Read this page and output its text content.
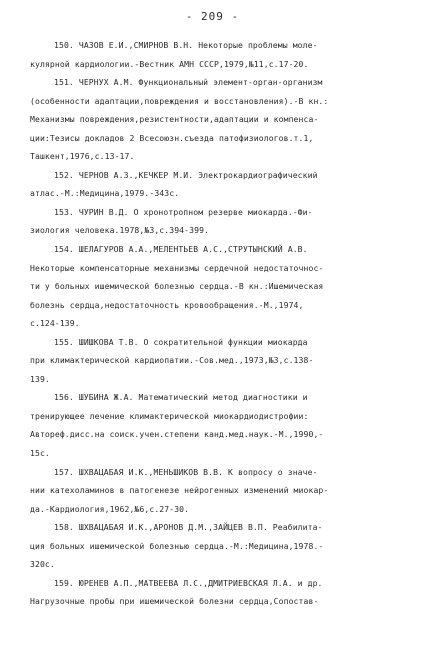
- 209 -
150. ЧАЗОВ Е.И.,СМИРНОВ В.Н. Некоторые проблемы моле-
кулярной кардиологии.-Вестник АМН СССР,1979,№11,с.17-20.
151. ЧЕРНУХ А.М. Функциональный элемент-орган-организм
(особенности адаптации,повреждения и восстановления).-В кн.:
Механизмы повреждения,резистентности,адаптации и компенса-
ции:Тезисы докладов 2 Всесоюзн.съезда патофизиологов.т.1,
Ташкент,1976,с.13-17.
152. ЧЕРНОВ А.З.,КЕЧКЕР М.И. Электрокардиографический
атлас.-М.:Медицина,1979.-343с.
153. ЧУРИН В.Д. О хронотропном резерве миокарда.-Фи-
зиология человека.1978,№3,с.394-399.
154. ШЕЛАГУРОВ А.А.,МЕЛЕНТЬЕВ А.С.,СТРУТЫНСКИЙ А.В.
Некоторые компенсаторные механизмы сердечной недостаточнос-
ти у больных ишемической болезнью сердца.-В кн.:Ишемическая
болезнь сердца,недостаточность кровообращения.-М.,1974,
с.124-139.
155. ШИШКОВА Т.В. О сократительной функции миокарда
при климактерической кардиопатии.-Сов.мед.,1973,№3,с.138-
139.
156. ШУБИНА Ж.А. Математический метод диагностики и
тренирующее лечение климактерической миокардиодистрофии:
Автореф.дисс.на соиск.учен.степени канд.мед.наук.-М.,1990,-
15с.
157. ШХВАЦАБАЯ И.К.,МЕНЬШИКОВ В.В. К вопросу о значе-
нии катехоламинов в патогенезе нейрогенных изменений миокар-
да.-Кардиология,1962,№6,с.27-30.
158. ШХВАЦАБАЯ И.К.,АРОНОВ Д.М.,ЗАЙЦЕВ В.П. Реабилита-
ция больных ишемической болезнью сердца.-М.:Медицина,1978.-
320с.
159. ЮРЕНЕВ А.П.,МАТВЕЕВА Л.С.,ДМИТРИЕВСКАЯ Л.А. и др.
Нагрузочные пробы при ишемической болезни сердца,Сопостав-
